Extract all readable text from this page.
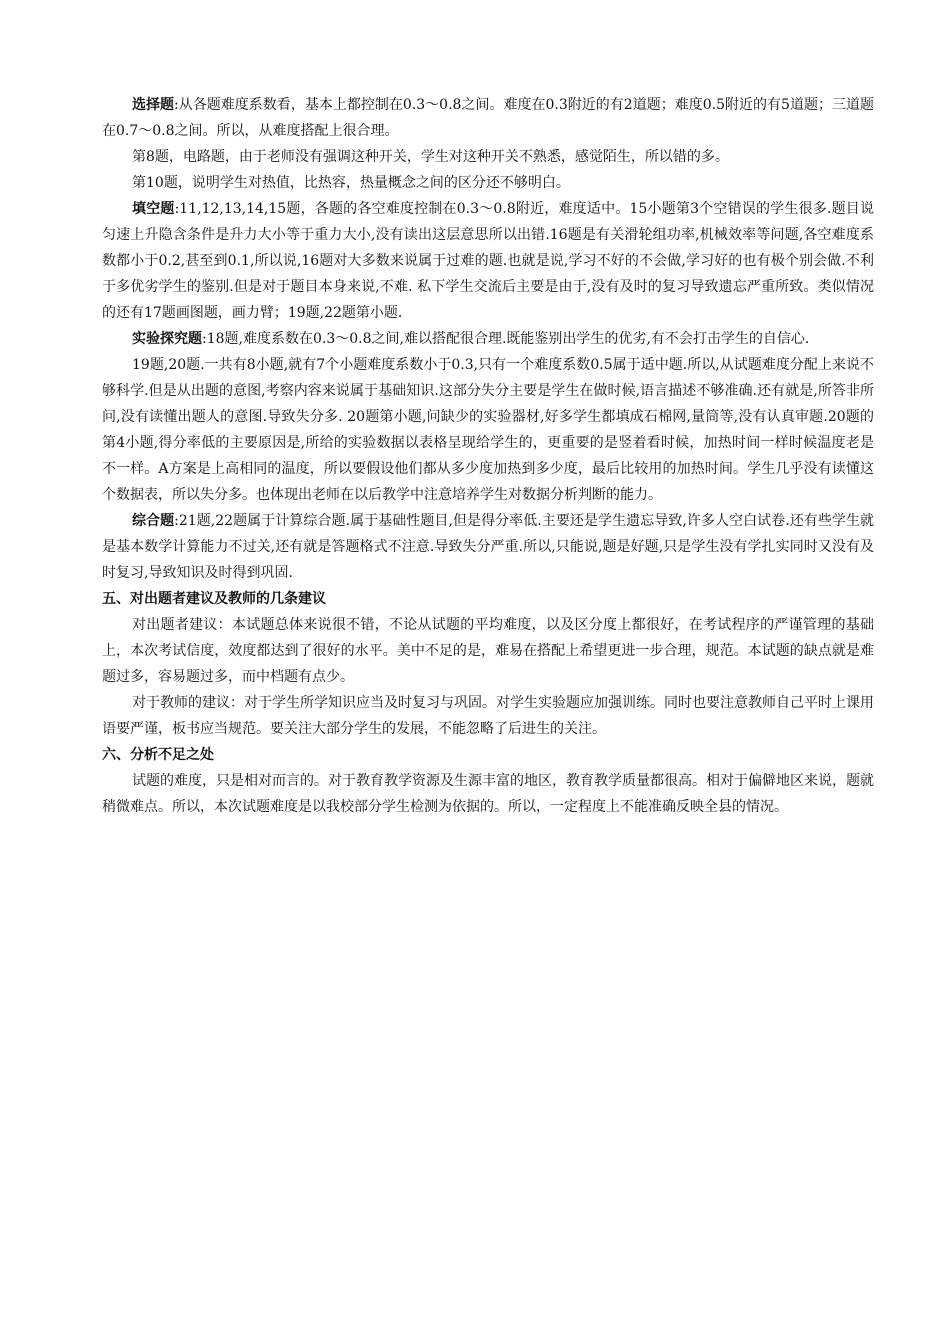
选择题:从各题难度系数看，基本上都控制在0.3～0.8之间。难度在0.3附近的有2道题；难度0.5附近的有5道题；三道题在0.7～0.8之间。所以，从难度搭配上很合理。

第8题，电路题，由于老师没有强调这种开关，学生对这种开关不熟悉，感觉陌生，所以错的多。

第10题，说明学生对热值，比热容，热量概念之间的区分还不够明白。

填空题:11,12,13,14,15题，各题的各空难度控制在0.3～0.8附近，难度适中。15小题第3个空错误的学生很多.题目说匀速上升隐含条件是升力大小等于重力大小,没有读出这层意思所以出错.16题是有关滑轮组功率,机械效率等问题,各空难度系数都小于0.2,甚至到0.1,所以说,16题对大多数来说属于过难的题.也就是说,学习不好的不会做,学习好的也有极个别会做.不利于多优劣学生的鉴别.但是对于题目本身来说,不难. 私下学生交流后主要是由于,没有及时的复习导致遗忘严重所致。类似情况的还有17题画图题，画力臂；19题,22题第小题.

实验探究题:18题,难度系数在0.3～0.8之间,难以搭配很合理.既能鉴别出学生的优劣,有不会打击学生的自信心.

19题,20题.一共有8小题,就有7个小题难度系数小于0.3,只有一个难度系数0.5属于适中题.所以,从试题难度分配上来说不够科学.但是从出题的意图,考察内容来说属于基础知识.这部分失分主要是学生在做时候,语言描述不够准确.还有就是,所答非所问,没有读懂出题人的意图.导致失分多. 20题第小题,问缺少的实验器材,好多学生都填成石棉网,量筒等,没有认真审题.20题的第4小题,得分率低的主要原因是,所给的实验数据以表格呈现给学生的，更重要的是竖着看时候，加热时间一样时候温度老是不一样。A方案是上高相同的温度，所以要假设他们都从多少度加热到多少度，最后比较用的加热时间。学生几乎没有读懂这个数据表，所以失分多。也体现出老师在以后教学中注意培养学生对数据分析判断的能力。

综合题:21题,22题属于计算综合题.属于基础性题目,但是得分率低.主要还是学生遗忘导致,许多人空白试卷.还有些学生就是基本数学计算能力不过关,还有就是答题格式不注意.导致失分严重.所以,只能说,题是好题,只是学生没有学扎实同时又没有及时复习,导致知识及时得到巩固.

五、对出题者建议及教师的几条建议

对出题者建议：本试题总体来说很不错，不论从试题的平均难度，以及区分度上都很好，在考试程序的严谨管理的基础上，本次考试信度，效度都达到了很好的水平。美中不足的是，难易在搭配上希望更进一步合理，规范。本试题的缺点就是难题过多，容易题过多，而中档题有点少。

对于教师的建议：对于学生所学知识应当及时复习与巩固。对学生实验题应加强训练。同时也要注意教师自己平时上课用语要严谨，板书应当规范。要关注大部分学生的发展，不能忽略了后进生的关注。

六、分析不足之处

试题的难度，只是相对而言的。对于教育教学资源及生源丰富的地区，教育教学质量都很高。相对于偏僻地区来说，题就稍微难点。所以，本次试题难度是以我校部分学生检测为依据的。所以，一定程度上不能准确反映全县的情况。
